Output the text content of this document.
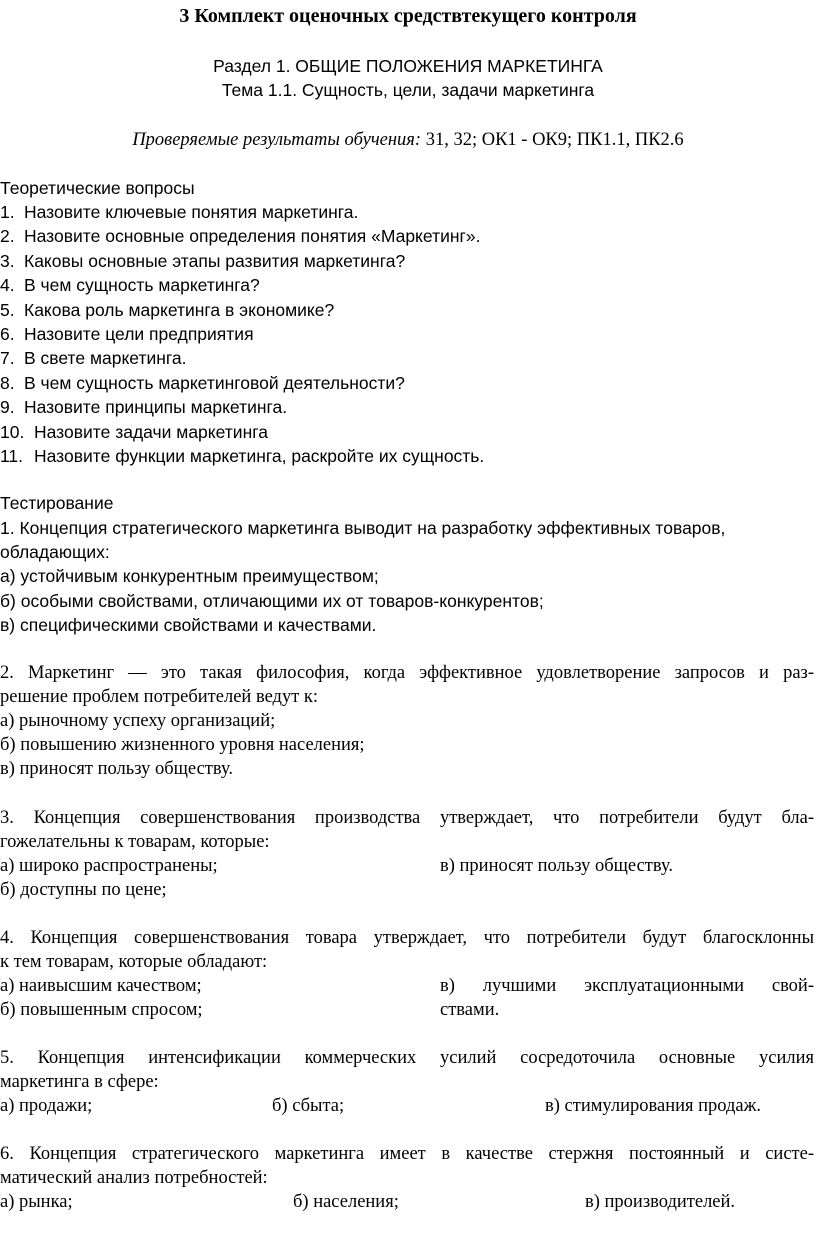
3 Комплект оценочных средствтекущего контроля
Раздел 1. ОБЩИЕ ПОЛОЖЕНИЯ МАРКЕТИНГА
Тема 1.1. Сущность, цели, задачи маркетинга
Проверяемые результаты обучения: 31, 32; ОК1 - ОК9; ПК1.1, ПК2.6
Теоретические вопросы
1. Назовите ключевые понятия маркетинга.
2. Назовите основные определения понятия «Маркетинг».
3. Каковы основные этапы развития маркетинга?
4. В чем сущность маркетинга?
5. Какова роль маркетинга в экономике?
6. Назовите цели предприятия
7. В свете маркетинга.
8. В чем сущность маркетинговой деятельности?
9. Назовите принципы маркетинга.
10. Назовите задачи маркетинга
11. Назовите функции маркетинга, раскройте их сущность.
Тестирование
1. Концепция стратегического маркетинга выводит на разработку эффективных товаров,
обладающих:
а) устойчивым конкурентным преимуществом;
б) особыми свойствами, отличающими их от товаров-конкурентов;
в) специфическими свойствами и качествами.
2. Маркетинг — это такая философия, когда эффективное удовлетворение запросов и раз-
решение проблем потребителей ведут к:
а) рыночному успеху организаций;
б) повышению жизненного уровня населения;
в) приносят пользу обществу.
3. Концепция совершенствования производства утверждает, что потребители будут бла-
гожелательны к товарам, которые:
а) широко распространены;	в) приносят пользу обществу.
б) доступны по цене;
4. Концепция совершенствования товара утверждает, что потребители будут благосклонны
к тем товарам, которые обладают:
а) наивысшим качеством;	в) лучшими эксплуатационными свой-
б) повышенным спросом;	ствами.
5. Концепция интенсификации коммерческих усилий сосредоточила основные усилия
маркетинга в сфере:
а) продажи;	б) сбыта;	в) стимулирования продаж.
6. Концепция стратегического маркетинга имеет в качестве стержня постоянный и систе-
матический анализ потребностей:
а) рынка;	б) населения;	в) производителей.
